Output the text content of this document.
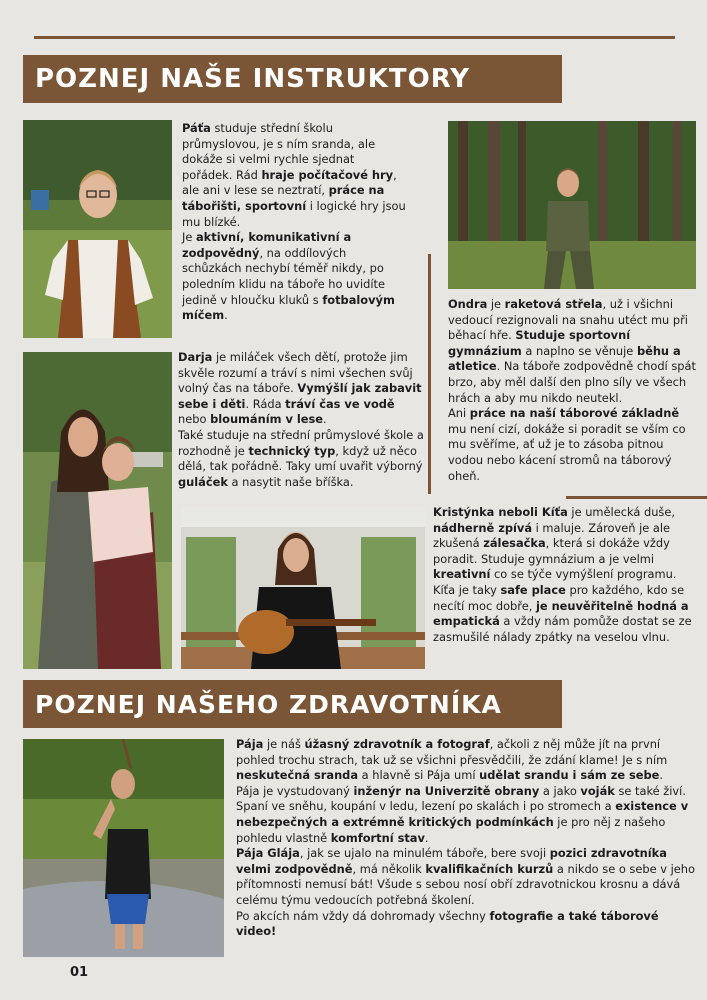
POZNEJ NAŠE INSTRUKTORY
Páťa studuje střední školu průmyslovou, je s ním sranda, ale dokáže si velmi rychle sjednat pořádek. Rád hraje počítačové hry, ale ani v lese se neztratí, práce na tábořišti, sportovní i logické hry jsou mu blízké.
Je aktivní, komunikativní a zodpovědný, na oddílových schůzkách nechybí téměř nikdy, po poledním klidu na táboře ho uvidíte jedině v hloučku kluků s fotbalovým míčem.
Ondra je raketová střela, už i všichni vedoucí rezignovali na snahu utéct mu při běhací hře. Studuje sportovní gymnázium a naplno se věnuje běhu a atletice. Na táboře zodpovědně chodí spát brzo, aby měl další den plno síly ve všech hrách a aby mu nikdo neutekl.
Ani práce na naší táborové základně mu není cizí, dokáže si poradit se vším co mu svěříme, ať už je to zásoba pitnou vodou nebo kácení stromů na táborový oheň.
Darja je miláček všech dětí, protože jim skvěle rozumí a tráví s nimi všechen svůj volný čas na táboře. Vymýšlí jak zabavit sebe i děti. Ráda tráví čas ve vodě nebo bloumáním v lese.
Také studuje na střední průmyslové škole a rozhodně je technický typ, když už něco dělá, tak pořádně. Taky umí uvařit výborný guláček a nasytit naše bříška.
Kristýnka neboli Kíťa je umělecká duše, nádherně zpívá i maluje. Zároveň je ale zkušená zálesačka, která si dokáže vždy poradit. Studuje gymnázium a je velmi kreativní co se týče vymýšlení programu. Kíťa je taky safe place pro každého, kdo se necítí moc dobře, je neuvěřitelně hodná a empatická a vždy nám pomůže dostat se ze zasmušilé nálady zpátky na veselou vlnu.
POZNEJ NAŠEHO ZDRAVOTNÍKA
Pája je náš úžasný zdravotník a fotograf, ačkoli z něj může jít na první pohled trochu strach, tak už se všichni přesvědčili, že zdání klame! Je s ním neskutečná sranda a hlavně si Pája umí udělat srandu i sám ze sebe.
Pája je vystudovaný inženýr na Univerzitě obrany a jako voják se také živí. Spaní ve sněhu, koupání v ledu, lezení po skalách i po stromech a existence v nebezpečných a extrémně kritických podmínkách je pro něj z našeho pohledu vlastně komfortní stav.
Pája Glája, jak se ujalo na minulém táboře, bere svoji pozici zdravotníka velmi zodpovědně, má několik kvalifikačních kurzů a nikdo se o sebe v jeho přítomnosti nemusí bát! Všude s sebou nosí obří zdravotnickou krosnu a dává celému týmu vedoucích potřebná školení.
Po akcích nám vždy dá dohromady všechny fotografie a také táborové video!
01
